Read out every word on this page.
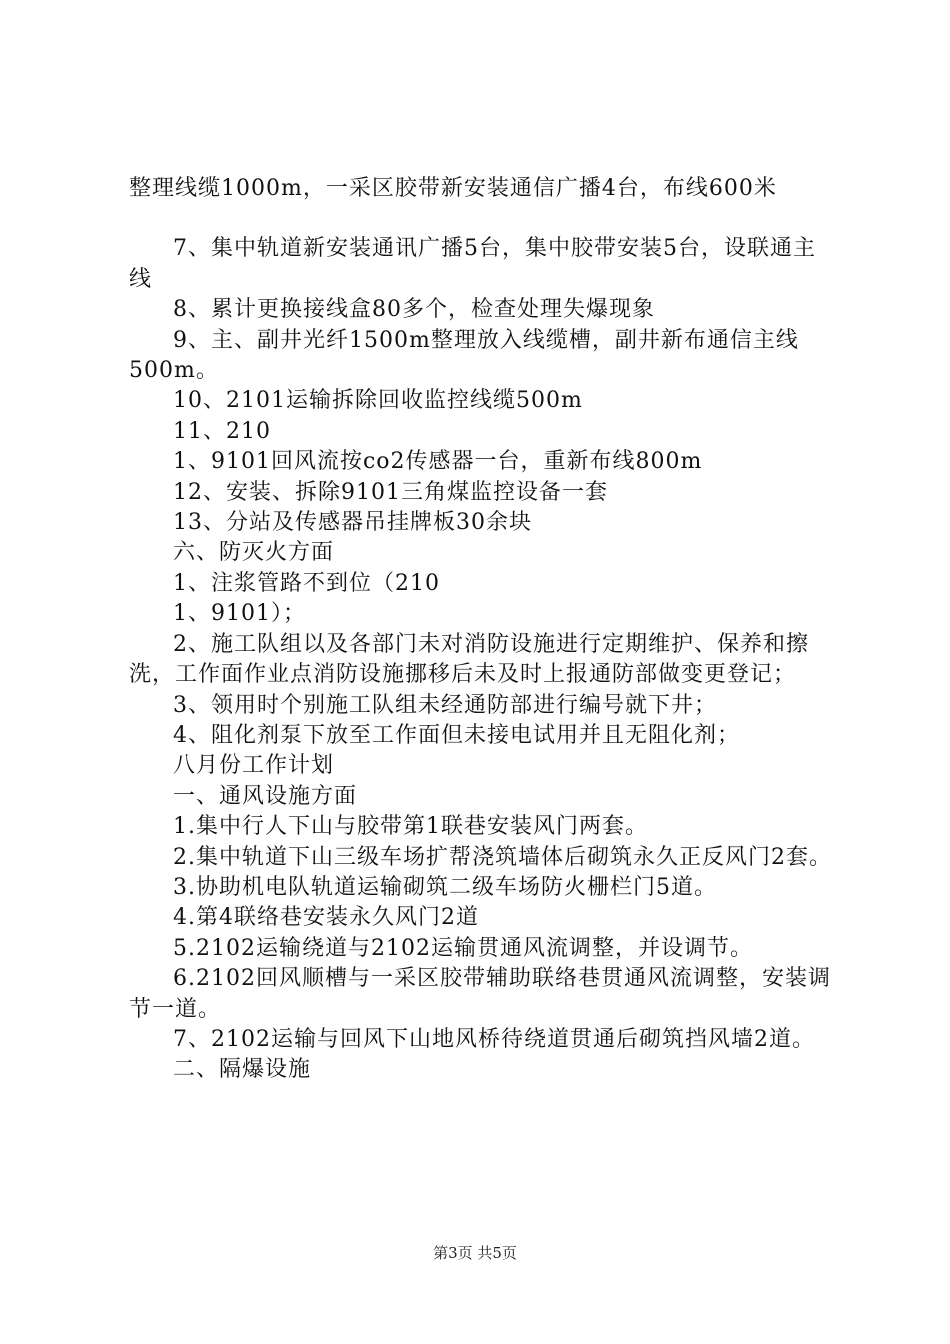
整理线缆1000m，一采区胶带新安装通信广播4台，布线600米

7、集中轨道新安装通讯广播5台，集中胶带安装5台，设联通主线

8、累计更换接线盒80多个，检查处理失爆现象

9、主、副井光纤1500m整理放入线缆槽，副井新布通信主线500m。

10、2101运输拆除回收监控线缆500m

11、210

1、9101回风流按co2传感器一台，重新布线800m

12、安装、拆除9101三角煤监控设备一套

13、分站及传感器吊挂牌板30余块

六、防灭火方面

1、注浆管路不到位（210

1、9101）；

2、施工队组以及各部门未对消防设施进行定期维护、保养和擦洗，工作面作业点消防设施挪移后未及时上报通防部做变更登记；

3、领用时个别施工队组未经通防部进行编号就下井；

4、阻化剂泵下放至工作面但未接电试用并且无阻化剂；

八月份工作计划

一、通风设施方面

1.集中行人下山与胶带第1联巷安装风门两套。

2.集中轨道下山三级车场扩帮浇筑墙体后砌筑永久正反风门2套。

3.协助机电队轨道运输砌筑二级车场防火栅栏门5道。

4.第4联络巷安装永久风门2道

5.2102运输绕道与2102运输贯通风流调整，并设调节。

6.2102回风顺槽与一采区胶带辅助联络巷贯通风流调整，安装调节一道。

7、2102运输与回风下山地风桥待绕道贯通后砌筑挡风墙2道。

二、隔爆设施

第3页 共5页
